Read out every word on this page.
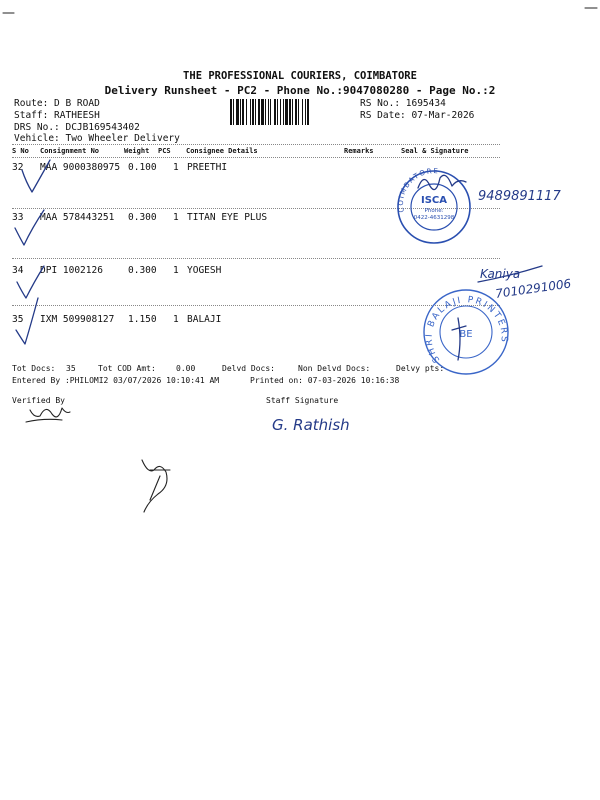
THE PROFESSIONAL COURIERS, COIMBATORE
Delivery Runsheet - PC2 - Phone No.:9047080280 - Page No.:2
Route: D B ROAD
Staff: RATHEESH
DRS No.: DCJB169543402
Vehicle: Two Wheeler Delivery
RS No.: 1695434
RS Date: 07-Mar-2026
S No Consignment No	Weight PCS Consignee Details	Remarks	Seal & Signature
32 MAA 9000380975 0.100 1 PREETHI
33 MAA 578443251 0.300 1 TITAN EYE PLUS
34 DPI 1002126	0.300 1 YOGESH
35 IXM 509908127 1.150 1 BALAJI
Tot Docs: 35	Tot COD Amt:	0.00	Delvd Docs:	Non Delvd Docs:	Delvy pts:
Entered By :PHILOMI2 03/07/2026 10:10:41 AM	Printed on: 07-03-2026 10:16:38
Verified By	Staff Signature
COIMBATORE
ISCA
Phone:
0422-4631298
9489891117
Kaniya
7010291006
SHRI BALAJI PRINTERS
BE
G. Rathish
